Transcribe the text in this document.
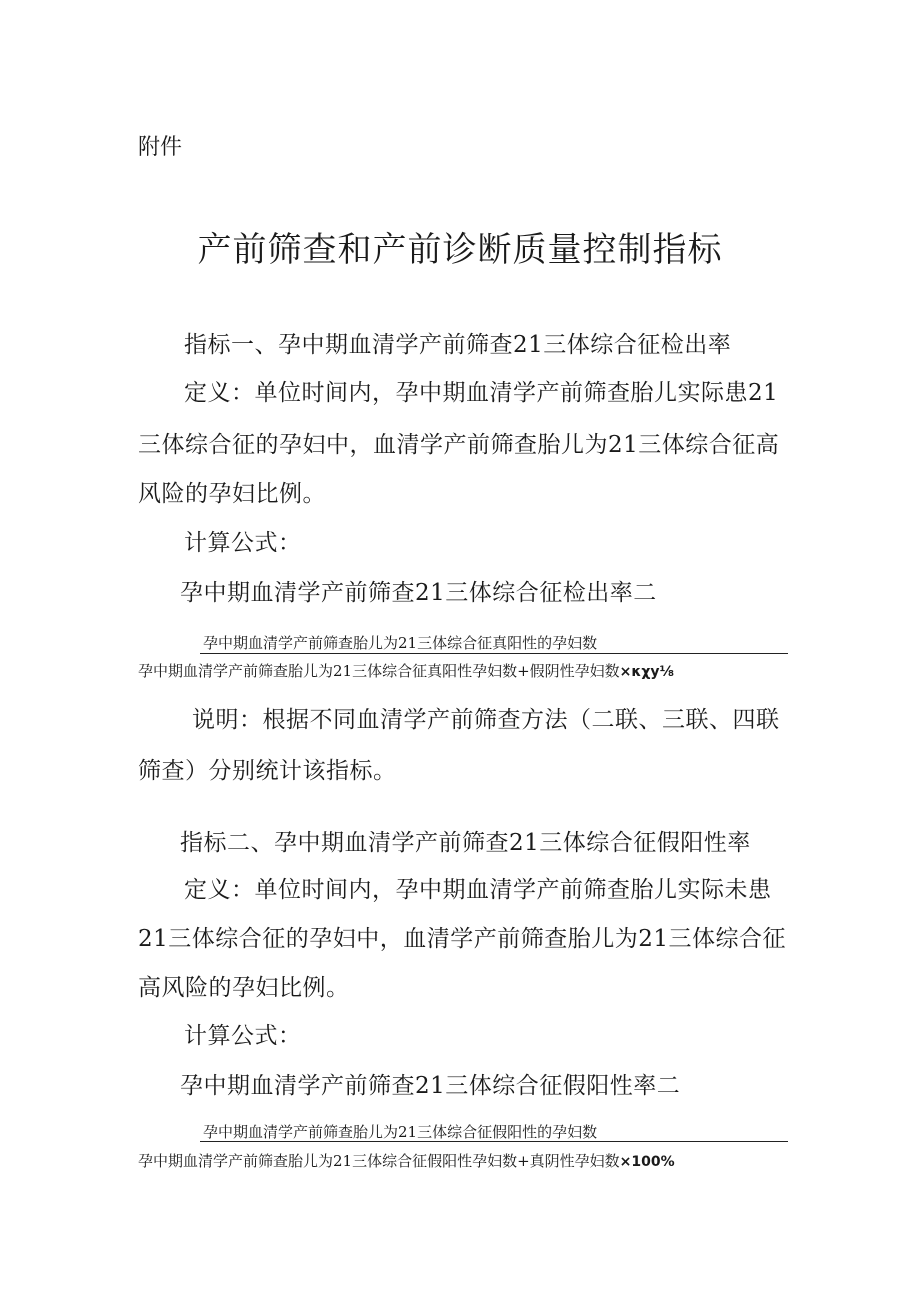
附件
产前筛查和产前诊断质量控制指标
指标一、孕中期血清学产前筛查21三体综合征检出率
定义：单位时间内，孕中期血清学产前筛查胎儿实际患21
三体综合征的孕妇中，血清学产前筛查胎儿为21三体综合征高
风险的孕妇比例。
计算公式：
孕中期血清学产前筛查21三体综合征检出率二
孕中期血清学产前筛查胎儿为21三体综合征真阳性的孕妇数
孕中期血清学产前筛查胎儿为21三体综合征真阳性孕妇数+假阴性孕妇数×κχy⅛
说明：根据不同血清学产前筛查方法（二联、三联、四联
筛查）分别统计该指标。
指标二、孕中期血清学产前筛查21三体综合征假阳性率
定义：单位时间内，孕中期血清学产前筛查胎儿实际未患
21三体综合征的孕妇中，血清学产前筛查胎儿为21三体综合征
高风险的孕妇比例。
计算公式：
孕中期血清学产前筛查21三体综合征假阳性率二
孕中期血清学产前筛查胎儿为21三体综合征假阳性的孕妇数
孕中期血清学产前筛查胎儿为21三体综合征假阳性孕妇数+真阴性孕妇数×100%
